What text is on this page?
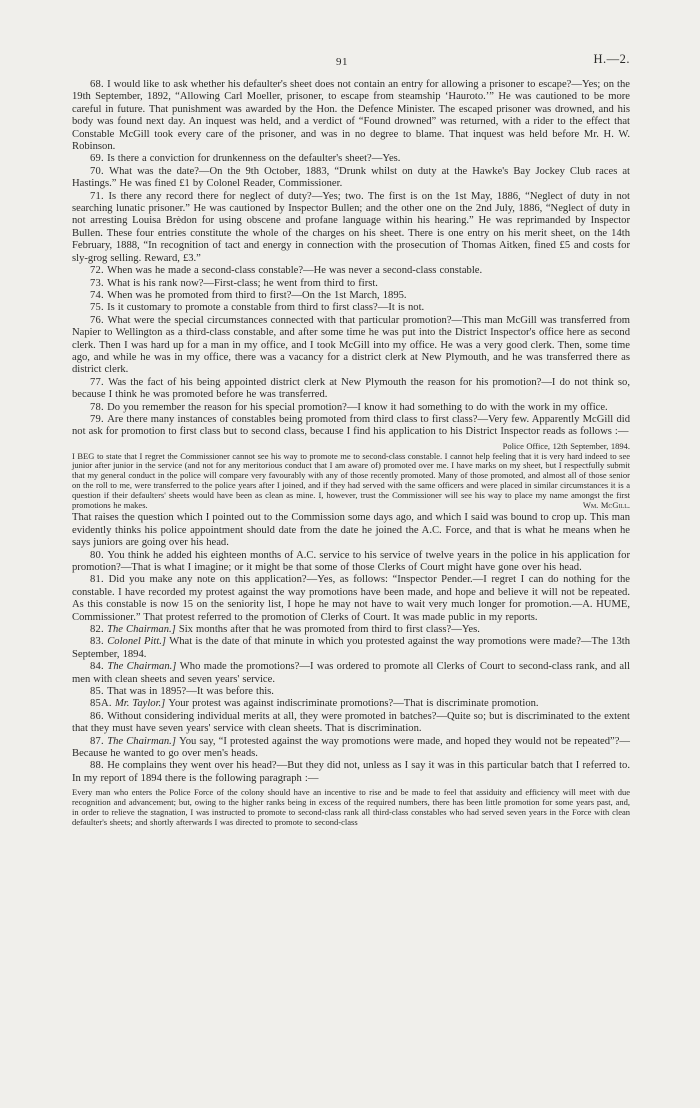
91	H.—2.

68. I would like to ask whether his defaulter's sheet does not contain an entry for allowing a prisoner to escape?—Yes; on the 19th September, 1892, “Allowing Carl Moeller, prisoner, to escape from steamship ‘Hauroto.’” He was cautioned to be more careful in future. That punishment was awarded by the Hon. the Defence Minister. The escaped prisoner was drowned, and his body was found next day. An inquest was held, and a verdict of “Found drowned” was returned, with a rider to the effect that Constable McGill took every care of the prisoner, and was in no degree to blame. That inquest was held before Mr. H. W. Robinson.

69. Is there a conviction for drunkenness on the defaulter's sheet?—Yes.

70. What was the date?—On the 9th October, 1883, “Drunk whilst on duty at the Hawke's Bay Jockey Club races at Hastings.” He was fined £1 by Colonel Reader, Commissioner.

71. Is there any record there for neglect of duty?—Yes; two. The first is on the 1st May, 1886, “Neglect of duty in not searching lunatic prisoner.” He was cautioned by Inspector Bullen; and the other one on the 2nd July, 1886, “Neglect of duty in not arresting Louisa Brèdon for using obscene and profane language within his hearing.” He was reprimanded by Inspector Bullen. These four entries constitute the whole of the charges on his sheet. There is one entry on his merit sheet, on the 14th February, 1888, “In recognition of tact and energy in connection with the prosecution of Thomas Aitken, fined £5 and costs for sly-grog selling. Reward, £3.”

72. When was he made a second-class constable?—He was never a second-class constable.

73. What is his rank now?—First-class; he went from third to first.

74. When was he promoted from third to first?—On the 1st March, 1895.

75. Is it customary to promote a constable from third to first class?—It is not.

76. What were the special circumstances connected with that particular promotion?—This man McGill was transferred from Napier to Wellington as a third-class constable, and after some time he was put into the District Inspector's office here as second clerk. Then I was hard up for a man in my office, and I took McGill into my office. He was a very good clerk. Then, some time ago, and while he was in my office, there was a vacancy for a district clerk at New Plymouth, and he was transferred there as district clerk.

77. Was the fact of his being appointed district clerk at New Plymouth the reason for his promotion?—I do not think so, because I think he was promoted before he was transferred.

78. Do you remember the reason for his special promotion?—I know it had something to do with the work in my office.

79. Are there many instances of constables being promoted from third class to first class?—Very few. Apparently McGill did not ask for promotion to first class but to second class, because I find his application to his District Inspector reads as follows :—

Police Office, 12th September, 1894.

I BEG to state that I regret the Commissioner cannot see his way to promote me to second-class constable. I cannot help feeling that it is very hard indeed to see junior after junior in the service (and not for any meritorious conduct that I am aware of) promoted over me. I have marks on my sheet, but I respectfully submit that my general conduct in the police will compare very favourably with any of those recently promoted. Many of those promoted, and almost all of those senior on the roll to me, were transferred to the police years after I joined, and if they had served with the same officers and were placed in similar circumstances it is a question if their defaulters' sheets would have been as clean as mine. I, however, trust the Commissioner will see his way to place my name amongst the first promotions he makes.	Wm. McGill.

That raises the question which I pointed out to the Commission some days ago, and which I said was bound to crop up. This man evidently thinks his police appointment should date from the date he joined the A.C. Force, and that is what he means when he says juniors are going over his head.

80. You think he added his eighteen months of A.C. service to his service of twelve years in the police in his application for promotion?—That is what I imagine; or it might be that some of those Clerks of Court might have gone over his head.

81. Did you make any note on this application?—Yes, as follows: “Inspector Pender.—I regret I can do nothing for the constable. I have recorded my protest against the way promotions have been made, and hope and believe it will not be repeated. As this constable is now 15 on the seniority list, I hope he may not have to wait very much longer for promotion.—A. HUME, Commissioner.” That protest referred to the promotion of Clerks of Court. It was made public in my reports.

82. The Chairman.] Six months after that he was promoted from third to first class?—Yes.

83. Colonel Pitt.] What is the date of that minute in which you protested against the way promotions were made?—The 13th September, 1894.

84. The Chairman.] Who made the promotions?—I was ordered to promote all Clerks of Court to second-class rank, and all men with clean sheets and seven years' service.

85. That was in 1895?—It was before this.

85A. Mr. Taylor.] Your protest was against indiscriminate promotions?—That is discriminate promotion.

86. Without considering individual merits at all, they were promoted in batches?—Quite so; but is discriminated to the extent that they must have seven years' service with clean sheets. That is discrimination.

87. The Chairman.] You say, “I protested against the way promotions were made, and hoped they would not be repeated”?—Because he wanted to go over men's heads.

88. He complains they went over his head?—But they did not, unless as I say it was in this particular batch that I referred to. In my report of 1894 there is the following paragraph :—

Every man who enters the Police Force of the colony should have an incentive to rise and be made to feel that assiduity and efficiency will meet with due recognition and advancement; but, owing to the higher ranks being in excess of the required numbers, there has been little promotion for some years past, and, in order to relieve the stagnation, I was instructed to promote to second-class rank all third-class constables who had served seven years in the Force with clean defaulter's sheets; and shortly afterwards I was directed to promote to second-class
